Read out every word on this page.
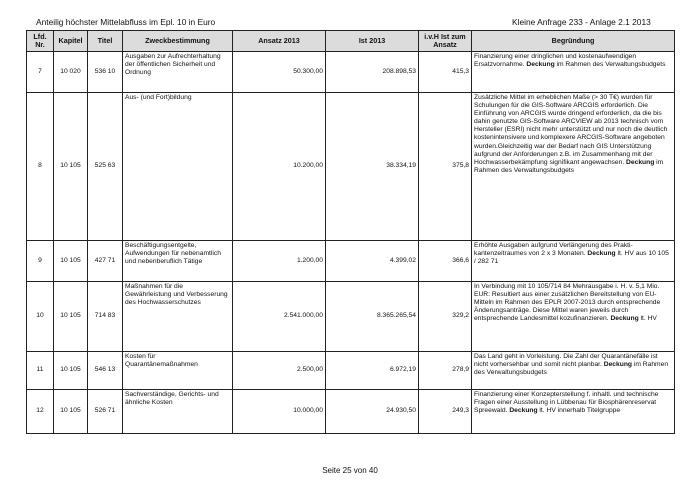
Anteilig höchster Mittelabfluss im Epl. 10 in Euro	Kleine Anfrage 233 - Anlage 2.1 2013
Lfd. Nr.	Kapitel	Titel	Zweckbestimmung	Ansatz 2013	Ist 2013	i.v.H Ist zum Ansatz	Begründung
7	10 020	536 10	Ausgaben zur Aufrechterhaltung der öffentlichen Sicherheit und Ordnung	50.300,00	208.898,53	415,3	Finanzierung einer dringlichen und kostenaufwendigen Ersatzvornahme. Deckung im Rahmen des Verwaltungsbudgets
8	10 105	525 63	Aus- (und Fort)bildung	10.200,00	38.334,19	375,8	Zusätzliche Mittel im erheblichen Maße (> 30 T€) wurden für Schulungen für die GIS-Software ARCGIS erforderlich. Die Einführung von ARCGIS wurde dringend erforderlich, da die bis dahin genutzte GIS-Software ARCVIEW ab 2013 technisch vom Hersteller (ESRI) nicht mehr unterstützt und nur noch die deutlich kostenintensivere und komplexere ARCGIS-Software angeboten wurden.Gleichzeitig war der Bedarf nach GIS Unterstützung aufgrund der Anforderungen z.B. im Zusammenhang mit der Hochwasserbekämpfung signifikant angewachsen. Deckung im Rahmen des Verwaltungsbudgets
9	10 105	427 71	Beschäftigungsentgelte, Aufwendungen für nebenamtlich und nebenberuflich Tätige	1.200,00	4.399,02	366,6	Erhöhte Ausgaben aufgrund Verlängerung des Prakti-kantenzeitraumes von 2 x 3 Monaten. Deckung lt. HV aus 10 105 / 282 71
10	10 105	714 83	Maßnahmen für die Gewährleistung und Verbesserung des Hochwasserschutzes	2.541.000,00	8.365.265,54	329,2	In Verbindung mit 10 105/714 84 Mehrausgabe i. H. v. 5,1 Mio. EUR: Resultiert aus einer zusätzlichen Bereitstellung von EU-Mitteln im Rahmen des EPLR 2007-2013 durch entsprechende Änderungsanträge. Diese Mittel waren jeweils durch entsprechende Landesmittel kozufinanzieren. Deckung lt. HV
11	10 105	546 13	Kosten für Quarantänemaßnahmen	2.500,00	6.972,19	278,9	Das Land geht in Vorleistung. Die Zahl der Quarantänefälle ist nicht vorhersehbar und somit nicht planbar. Deckung im Rahmen des Verwaltungsbudgets
12	10 105	526 71	Sachverständige, Gerichts- und ähnliche Kosten	10.000,00	24.930,50	249,3	Finanzierung einer Konzepterstellung f. inhaltl. und technische Fragen einer Ausstellung in Lübbenau für Biosphärenreservat Spreewald. Deckung lt. HV innerhalb Titelgruppe
Seite 25 von 40
